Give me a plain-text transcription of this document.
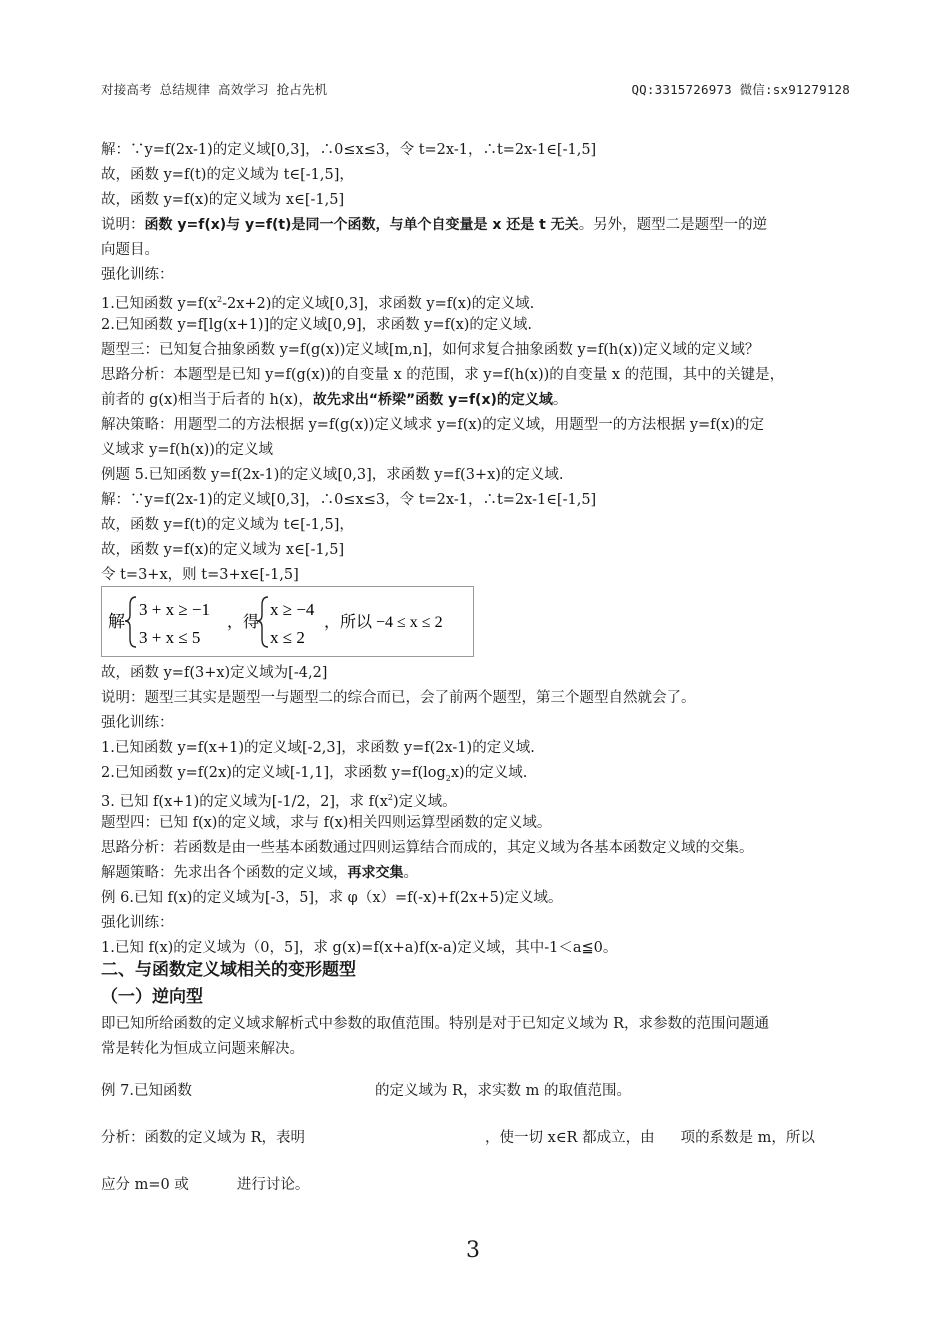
对接高考 总结规律 高效学习 抢占先机	QQ:3315726973 微信:sx91279128
解：∵y=f(2x-1)的定义域[0,3]，∴0≤x≤3，令 t=2x-1，∴t=2x-1∈[-1,5]
故，函数 y=f(t)的定义域为 t∈[-1,5]，
故，函数 y=f(x)的定义域为 x∈[-1,5]
说明：函数 y=f(x)与 y=f(t)是同一个函数，与单个自变量是 x 还是 t 无关。另外，题型二是题型一的逆
向题目。
强化训练：
1.已知函数 $y=f(x^2-2x+2)$的定义域[0,3]，求函数 y=f(x)的定义域.
2.已知函数 y=f[lg(x+1)]的定义域[0,9]，求函数 y=f(x)的定义域.
题型三：已知复合抽象函数 y=f(g(x))定义域[m,n]，如何求复合抽象函数 y=f(h(x))定义域的定义域？
思路分析：本题型是已知 y=f(g(x))的自变量 x 的范围，求 y=f(h(x))的自变量 x 的范围，其中的关键是，
前者的 g(x)相当于后者的 h(x)，故先求出“桥梁”函数 y=f(x)的定义域。
解决策略：用题型二的方法根据 y=f(g(x))定义域求 y=f(x)的定义域，用题型一的方法根据 y=f(x)的定
义域求 y=f(h(x))的定义域
例题 5.已知函数 y=f(2x-1)的定义域[0,3]，求函数 y=f(3+x)的定义域.
解：∵y=f(2x-1)的定义域[0,3]，∴0≤x≤3，令 t=2x-1，∴t=2x-1∈[-1,5]
故，函数 y=f(t)的定义域为 t∈[-1,5]，
故，函数 y=f(x)的定义域为 x∈[-1,5]
令 t=3+x，则 t=3+x∈[-1,5]
解
3 + x ≥ −1
3 + x ≤ 5
，得
x ≥ −4
x ≤ 2
，所以 −4 ≤ x ≤ 2
故，函数 y=f(3+x)定义域为[-4,2]
说明：题型三其实是题型一与题型二的综合而已，会了前两个题型，第三个题型自然就会了。
强化训练：
1.已知函数 y=f(x+1)的定义域[-2,3]，求函数 y=f(2x-1)的定义域.
2.已知函数 y=f(2x)的定义域[-1,1]，求函数 $y=f(\log_2x)$的定义域.
3. 已知 f(x+1)的定义域为[-1/2，2]，求 $f(x^2)$定义域。
题型四：已知 f(x)的定义域，求与 f(x)相关四则运算型函数的定义域。
思路分析：若函数是由一些基本函数通过四则运算结合而成的，其定义域为各基本函数定义域的交集。
解题策略：先求出各个函数的定义域，再求交集。
例 6.已知 f(x)的定义域为[-3，5]，求 φ（x）=f(-x)+f(2x+5)定义域。
强化训练：
1.已知 f(x)的定义域为（0，5]，求 g(x)=f(x+a)f(x-a)定义域，其中-1＜a≦0。
二、与函数定义域相关的变形题型
（一）逆向型
即已知所给函数的定义域求解析式中参数的取值范围。特别是对于已知定义域为 R，求参数的范围问题通
常是转化为恒成立问题来解决。
例 7.已知函数	的定义域为 R，求实数 m 的取值范围。
分析：函数的定义域为 R，表明	，使一切 x∈R 都成立，由 项的系数是 m，所以
应分 m=0 或	进行讨论。
3
